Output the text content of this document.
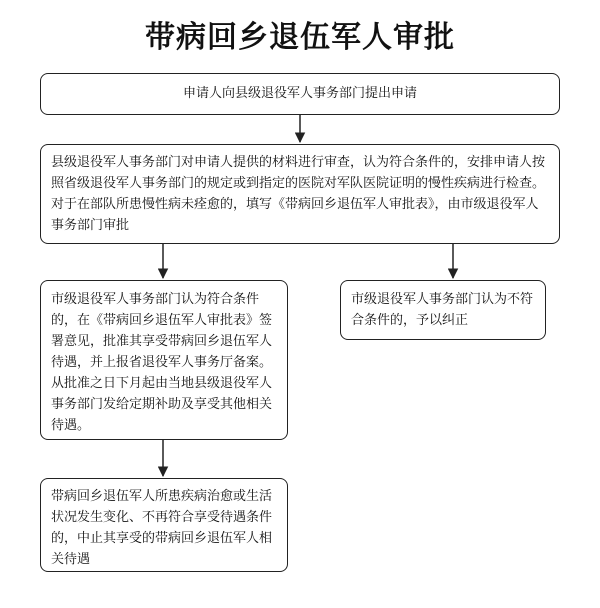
带病回乡退伍军人审批
申请人向县级退役军人事务部门提出申请
县级退役军人事务部门对申请人提供的材料进行审查，认为符合条件的，安排申请人按照省级退役军人事务部门的规定或到指定的医院对军队医院证明的慢性疾病进行检查。对于在部队所患慢性病未痊愈的，填写《带病回乡退伍军人审批表》，由市级退役军人事务部门审批
市级退役军人事务部门认为符合条件的，在《带病回乡退伍军人审批表》签署意见，批准其享受带病回乡退伍军人待遇，并上报省退役军人事务厅备案。从批准之日下月起由当地县级退役军人事务部门发给定期补助及享受其他相关待遇。
市级退役军人事务部门认为不符合条件的，予以纠正
带病回乡退伍军人所患疾病治愈或生活状况发生变化、不再符合享受待遇条件的，中止其享受的带病回乡退伍军人相关待遇
